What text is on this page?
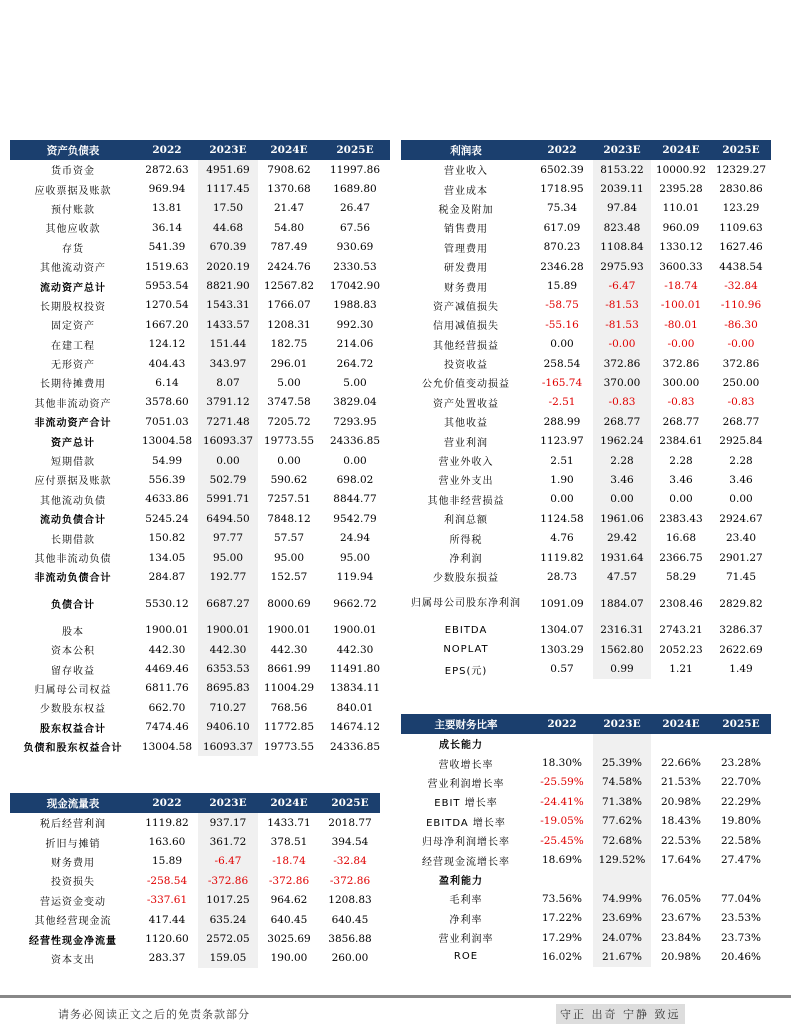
资产负债表	2022	2023E	2024E	2025E
货币资金	2872.63	4951.69	7908.62	11997.86
应收票据及账款	969.94	1117.45	1370.68	1689.80
预付账款	13.81	17.50	21.47	26.47
其他应收款	36.14	44.68	54.80	67.56
存货	541.39	670.39	787.49	930.69
其他流动资产	1519.63	2020.19	2424.76	2330.53
流动资产总计	5953.54	8821.90	12567.82	17042.90
长期股权投资	1270.54	1543.31	1766.07	1988.83
固定资产	1667.20	1433.57	1208.31	992.30
在建工程	124.12	151.44	182.75	214.06
无形资产	404.43	343.97	296.01	264.72
长期待摊费用	6.14	8.07	5.00	5.00
其他非流动资产	3578.60	3791.12	3747.58	3829.04
非流动资产合计	7051.03	7271.48	7205.72	7293.95
资产总计	13004.58	16093.37	19773.55	24336.85
短期借款	54.99	0.00	0.00	0.00
应付票据及账款	556.39	502.79	590.62	698.02
其他流动负债	4633.86	5991.71	7257.51	8844.77
流动负债合计	5245.24	6494.50	7848.12	9542.79
长期借款	150.82	97.77	57.57	24.94
其他非流动负债	134.05	95.00	95.00	95.00
非流动负债合计	284.87	192.77	152.57	119.94
负债合计	5530.12	6687.27	8000.69	9662.72
股本	1900.01	1900.01	1900.01	1900.01
资本公积	442.30	442.30	442.30	442.30
留存收益	4469.46	6353.53	8661.99	11491.80
归属母公司权益	6811.76	8695.83	11004.29	13834.11
少数股东权益	662.70	710.27	768.56	840.01
股东权益合计	7474.46	9406.10	11772.85	14674.12
负债和股东权益合计	13004.58	16093.37	19773.55	24336.85
利润表	2022	2023E	2024E	2025E
营业收入	6502.39	8153.22	10000.92	12329.27
营业成本	1718.95	2039.11	2395.28	2830.86
税金及附加	75.34	97.84	110.01	123.29
销售费用	617.09	823.48	960.09	1109.63
管理费用	870.23	1108.84	1330.12	1627.46
研发费用	2346.28	2975.93	3600.33	4438.54
财务费用	15.89	-6.47	-18.74	-32.84
资产减值损失	-58.75	-81.53	-100.01	-110.96
信用减值损失	-55.16	-81.53	-80.01	-86.30
其他经营损益	0.00	-0.00	-0.00	-0.00
投资收益	258.54	372.86	372.86	372.86
公允价值变动损益	-165.74	370.00	300.00	250.00
资产处置收益	-2.51	-0.83	-0.83	-0.83
其他收益	288.99	268.77	268.77	268.77
营业利润	1123.97	1962.24	2384.61	2925.84
营业外收入	2.51	2.28	2.28	2.28
营业外支出	1.90	3.46	3.46	3.46
其他非经营损益	0.00	0.00	0.00	0.00
利润总额	1124.58	1961.06	2383.43	2924.67
所得税	4.76	29.42	16.68	23.40
净利润	1119.82	1931.64	2366.75	2901.27
少数股东损益	28.73	47.57	58.29	71.45
归属母公司股东净利润	1091.09	1884.07	2308.46	2829.82
EBITDA	1304.07	2316.31	2743.21	3286.37
NOPLAT	1303.29	1562.80	2052.23	2622.69
EPS(元)	0.57	0.99	1.21	1.49
现金流量表	2022	2023E	2024E	2025E
税后经营利润	1119.82	937.17	1433.71	2018.77
折旧与摊销	163.60	361.72	378.51	394.54
财务费用	15.89	-6.47	-18.74	-32.84
投资损失	-258.54	-372.86	-372.86	-372.86
营运资金变动	-337.61	1017.25	964.62	1208.83
其他经营现金流	417.44	635.24	640.45	640.45
经营性现金净流量	1120.60	2572.05	3025.69	3856.88
资本支出	283.37	159.05	190.00	260.00
主要财务比率	2022	2023E	2024E	2025E
成长能力				
营收增长率	18.30%	25.39%	22.66%	23.28%
营业利润增长率	-25.59%	74.58%	21.53%	22.70%
EBIT 增长率	-24.41%	71.38%	20.98%	22.29%
EBITDA 增长率	-19.05%	77.62%	18.43%	19.80%
归母净利润增长率	-25.45%	72.68%	22.53%	22.58%
经营现金流增长率	18.69%	129.52%	17.64%	27.47%
盈利能力				
毛利率	73.56%	74.99%	76.05%	77.04%
净利率	17.22%	23.69%	23.67%	23.53%
营业利润率	17.29%	24.07%	23.84%	23.73%
ROE	16.02%	21.67%	20.98%	20.46%
请务必阅读正文之后的免责条款部分	守正 出奇 宁静 致远
